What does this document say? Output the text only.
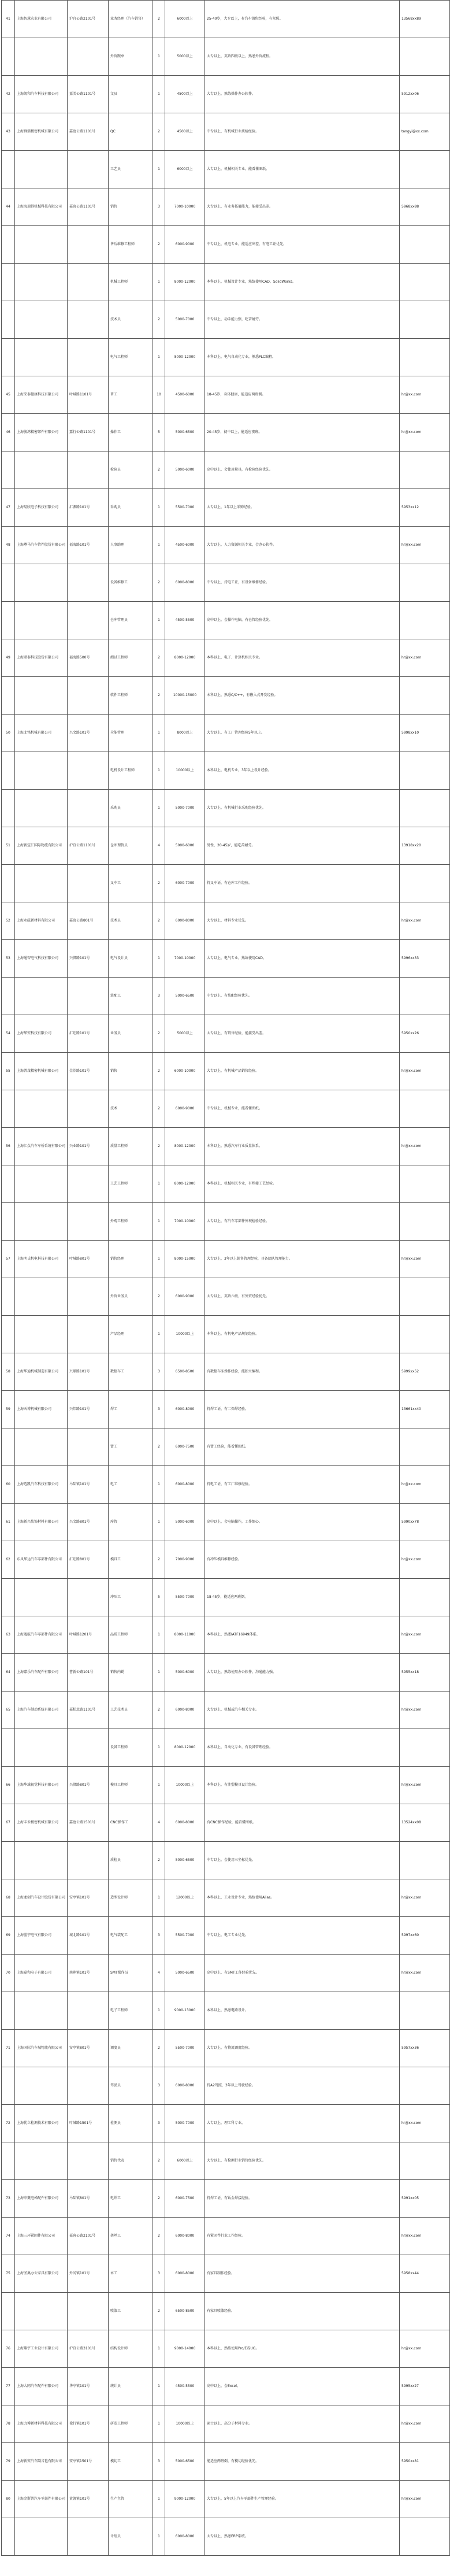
41	上海智慧农业有限公司	沪宜公路2101号	业务经理（汽车销售）	2	6000以上	25-40岁，大专以上，有汽车销售经验，有驾照。	13568xx89
			外贸跟单	1	5000以上	大专以上，英语四级以上，熟悉外贸流程。	
42	上海凯和汽车科技有限公司	嘉美公路1101号	文员	1	4500以上	大专以上，熟练操作办公软件。	5912xx06
43	上海群鼎精密机械有限公司	嘉唐公路1101号	QC	2	4500以上	中专以上，有机械行业质检经验。	tangyi@xx.com
			工艺员	1	6000以上	大专以上，机械相关专业，能看懂图纸。	
44	上海海瑞得机械科技有限公司	嘉唐公路1101号	销售	3	7000-10000	大专以上，有业务拓展能力，能接受出差。	5968xx88
			售后维修工程师	2	6000-9000	中专以上，机电专业，能适应出差，有电工证优先。	
			机械工程师	1	8000-12000	本科以上，机械设计专业，熟练使用CAD、SolidWorks。	
			技术员	2	5000-7000	中专以上，动手能力强，吃苦耐劳。	
			电气工程师	1	8000-12000	本科以上，电气自动化专业，熟悉PLC编程。	
45	上海荣泰健康科技有限公司	叶城路1101号	普工	10	4500-6000	18-45岁，身体健康，能适应两班倒。	hr@xx.com
46	上海骏鸿精密部件有限公司	嘉行公路1101号	操作工	5	5000-6500	20-45岁，初中以上，能适应夜班。	hr@xx.com
			检验员	2	5000-6000	高中以上，会使用量具，有检验经验优先。	
47	上海易欣电子科技有限公司	汇源路101号	采购员	1	5500-7000	大专以上，1年以上采购经验。	5953xx12
48	上海尊马汽车管件股份有限公司	福海路101号	人事助理	1	4500-6000	大专以上，人力资源相关专业，会办公软件。	hr@xx.com
			设备维修工	2	6000-8000	中专以上，持电工证，有设备维修经验。	
			仓库管理员	1	4500-5500	高中以上，会操作电脑，有仓管经验优先。	
49	上海联泰科技股份有限公司	福海路500号	测试工程师	2	8000-12000	本科以上，电子、计算机相关专业。	hr@xx.com
			软件工程师	2	10000-15000	本科以上，熟悉C/C++，有嵌入式开发经验。	
50	上海北铭机械有限公司	兴文路101号	全能管理	1	8000以上	大专以上，有工厂管理经验5年以上。	5998xx10
			电机设计工程师	1	10000以上	本科以上，电机专业，3年以上设计经验。	
			采购员	1	5000-7000	大专以上，有机械行业采购经验优先。	
51	上海新宝汇国际物流有限公司	沪宜公路1101号	仓库理货员	4	5000-6000	男性，20-45岁，能吃苦耐劳。	13918xx20
			叉车工	2	6000-7000	持叉车证，有仓库工作经验。	
52	上海永磁新材料有限公司	嘉唐公路801号	技术员	2	6000-8000	大专以上，材料专业优先。	hr@xx.com
53	上海通智电气科技有限公司	兴贤路101号	电气设计员	1	7000-10000	大专以上，电气专业，熟练使用CAD。	5996xx33
			装配工	3	5000-6500	中专以上，有装配经验优先。	
54	上海华安科技有限公司	汇旺路101号	业务员	2	5000以上	大专以上，有销售经验，能接受出差。	5950xx26
55	上海普茂精密机械有限公司	金沙路101号	销售	2	6000-10000	大专以上，有机械产品销售经验。	hr@xx.com
			技术	2	6000-9000	中专以上，机械专业，能看懂图纸。	
56	上海汇众汽车车桥系统有限公司	兴业路101号	质量工程师	2	8000-12000	本科以上，熟悉汽车行业质量体系。	hr@xx.com
			工艺工程师	1	8000-12000	本科以上，机械相关专业，有焊接工艺经验。	
			外观工程师	1	7000-10000	大专以上，有汽车零部件外观检验经验。	
57	上海明氏机电科技有限公司	叶城路801号	销售经理	1	8000-15000	大专以上，3年以上销售管理经验，具备团队管理能力。	hr@xx.com
			外贸业务员	2	6000-9000	大专以上，英语六级，有外贸经验优先。	
			产品经理	1	10000以上	本科以上，有机电产品规划经验。	
58	上海华迪机械制造有限公司	兴顺路101号	数控车工	3	6500-8500	有数控车床操作经验，能独立编程。	5999xx52
59	上海天博机械有限公司	兴邦路101号	焊工	3	6000-8000	持焊工证，有二保焊经验。	13661xx40
			钳工	2	6000-7500	有钳工经验，能看懂图纸。	
60	上海迈凯汽车科技有限公司	马陆镇101号	电工	1	6000-8000	持电工证，有工厂维修经验。	hr@xx.com
61	上海新兴装饰材料有限公司	兴文路801号	库管	1	5000-6000	高中以上，会电脑操作，工作细心。	5990xx78
62	东风华达汽车零部件有限公司	汇旺路801号	模具工	2	7000-9000	有冲压模具维修经验。	hr@xx.com
			冲压工	5	5500-7000	18-45岁，能适应两班倒。	
63	上海逸航汽车零部件有限公司	叶城路1201号	品质工程师	1	8000-11000	本科以上，熟悉IATF16949体系。	hr@xx.com
64	上海嘉乐汽车配件有限公司	曹新公路101号	销售内勤	1	5000-6000	大专以上，熟练使用办公软件，沟通能力强。	5955xx18
65	上海汽车制动系统有限公司	嘉松北路1101号	工艺技术员	2	6000-8000	大专以上，机械或汽车相关专业。	hr@xx.com
			设备工程师	1	8000-12000	本科以上，自动化专业，有设备管理经验。	
66	上海华域视觉科技有限公司	兴贤路801号	模具工程师	1	10000以上	本科以上，有注塑模具设计经验。	hr@xx.com
67	上海丰禾精密机械有限公司	嘉唐公路1501号	CNC操作工	4	6000-8000	有CNC操作经验，能看懂图纸。	13524xx08
			质检员	2	5000-6500	中专以上，会使用三坐标优先。	
68	上海龙创汽车设计股份有限公司	安亭镇101号	造型设计师	1	12000以上	本科以上，工业设计专业，熟练使用Alias。	hr@xx.com
69	上海蓝宇电气有限公司	城北路101号	电气装配工	3	5500-7000	中专以上，电工专业优先。	5997xx60
70	上海嘉和电子有限公司	南翔镇101号	SMT操作员	4	5000-6500	高中以上，有SMT工作经验优先。	hr@xx.com
			电子工程师	1	9000-13000	本科以上，熟悉电路设计。	
71	上海国际汽车城物流有限公司	安亭镇801号	调度员	2	5500-7000	大专以上，有物流调度经验。	5957xx36
			驾驶员	3	6000-8000	持A2驾照，3年以上驾驶经验。	
72	上海优立检测技术有限公司	叶城路1501号	检测员	3	5000-7000	大专以上，理工科专业。	hr@xx.com
			销售代表	2	6000以上	大专以上，有检测行业销售经验优先。	
73	上海申菱电梯配件有限公司	马陆镇801号	电焊工	2	6000-7500	持焊工证，有钣金焊接经验。	5991xx05
74	上海三环紧固件有限公司	嘉唐公路2101号	搓丝工	2	6000-8000	有紧固件行业工作经验。	hr@xx.com
75	上海圣奥办公家具有限公司	外冈镇101号	木工	3	6000-8000	有家具制作经验。	5958xx44
			喷漆工	2	6500-8500	有家具喷漆经验。	
76	上海翔宇工业设计有限公司	沪宜公路3101号	结构设计师	1	9000-14000	本科以上，熟练使用Pro/E或UG。	hr@xx.com
77	上海大同汽车配件有限公司	华亭镇101号	统计员	1	4500-5500	高中以上，会Excel。	5995xx27
78	上海力博新材料科技有限公司	徐行镇101号	研发工程师	1	10000以上	硕士以上，高分子材料专业。	hr@xx.com
79	上海新安汽车隔音毡有限公司	安亭镇1501号	模切工	3	5000-6500	能适应两班倒，有模切经验优先。	5950xx81
80	上海金斯普汽车零部件有限公司	黄渡镇101号	生产主管	1	9000-12000	大专以上，5年以上汽车零部件生产管理经验。	hr@xx.com
			计划员	1	6000-8000	大专以上，熟悉ERP系统。	
